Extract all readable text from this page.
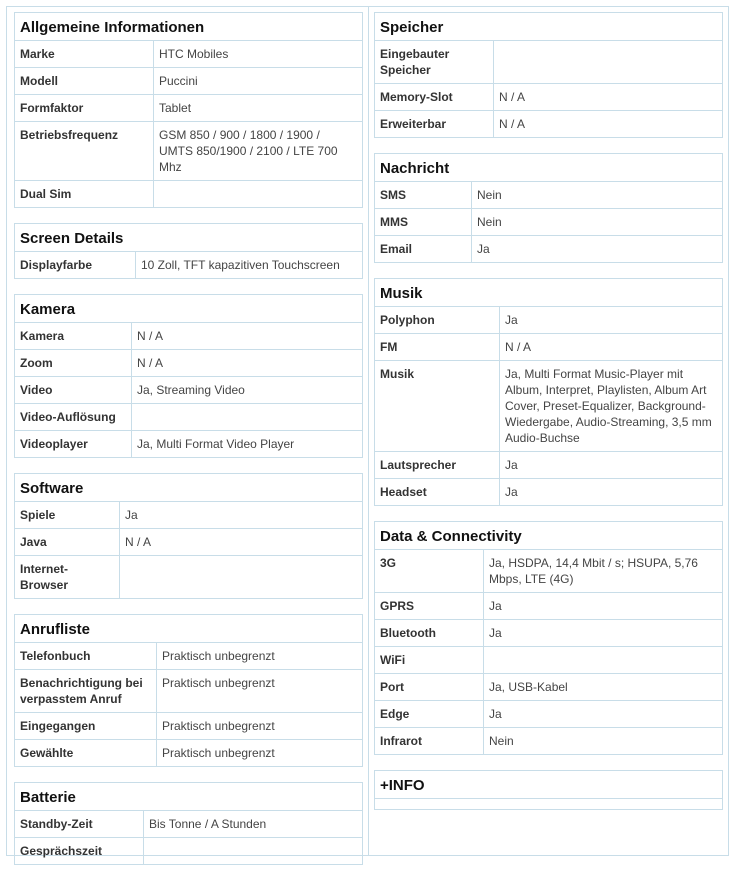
Allgemeine Informationen	
Marke	HTC Mobiles
Modell	Puccini
Formfaktor	Tablet
Betriebsfrequenz	GSM 850 / 900 / 1800 / 1900 / UMTS 850/1900 / 2100 / LTE 700 Mhz
Dual Sim	
Screen Details
Displayfarbe	10 Zoll, TFT kapazitiven Touchscreen
Kamera	
Kamera	N / A
Zoom	N / A
Video	Ja, Streaming Video
Video-Auflösung	
Videoplayer	Ja, Multi Format Video Player
Software	
Spiele	Ja
Java	N / A
Internet-Browser	
Anrufliste	
Telefonbuch	Praktisch unbegrenzt
Benachrichtigung bei verpasstem Anruf	Praktisch unbegrenzt
Eingegangen	Praktisch unbegrenzt
Gewählte	Praktisch unbegrenzt
Batterie	
Standby-Zeit	Bis Tonne / A Stunden
Gesprächszeit	
Speicher	
Eingebauter Speicher	
Memory-Slot	N / A
Erweiterbar	N / A
Nachricht	
SMS	Nein
MMS	Nein
Email	Ja
Musik	
Polyphon	Ja
FM	N / A
Musik	Ja, Multi Format Music-Player mit Album, Interpret, Playlisten, Album Art Cover, Preset-Equalizer, Background-Wiedergabe, Audio-Streaming, 3,5 mm Audio-Buchse
Lautsprecher	Ja
Headset	Ja
Data & Connectivity	
3G	Ja, HSDPA, 14,4 Mbit / s; HSUPA, 5,76 Mbps, LTE (4G)
GPRS	Ja
Bluetooth	Ja
WiFi	
Port	Ja, USB-Kabel
Edge	Ja
Infrarot	Nein
+INFO
